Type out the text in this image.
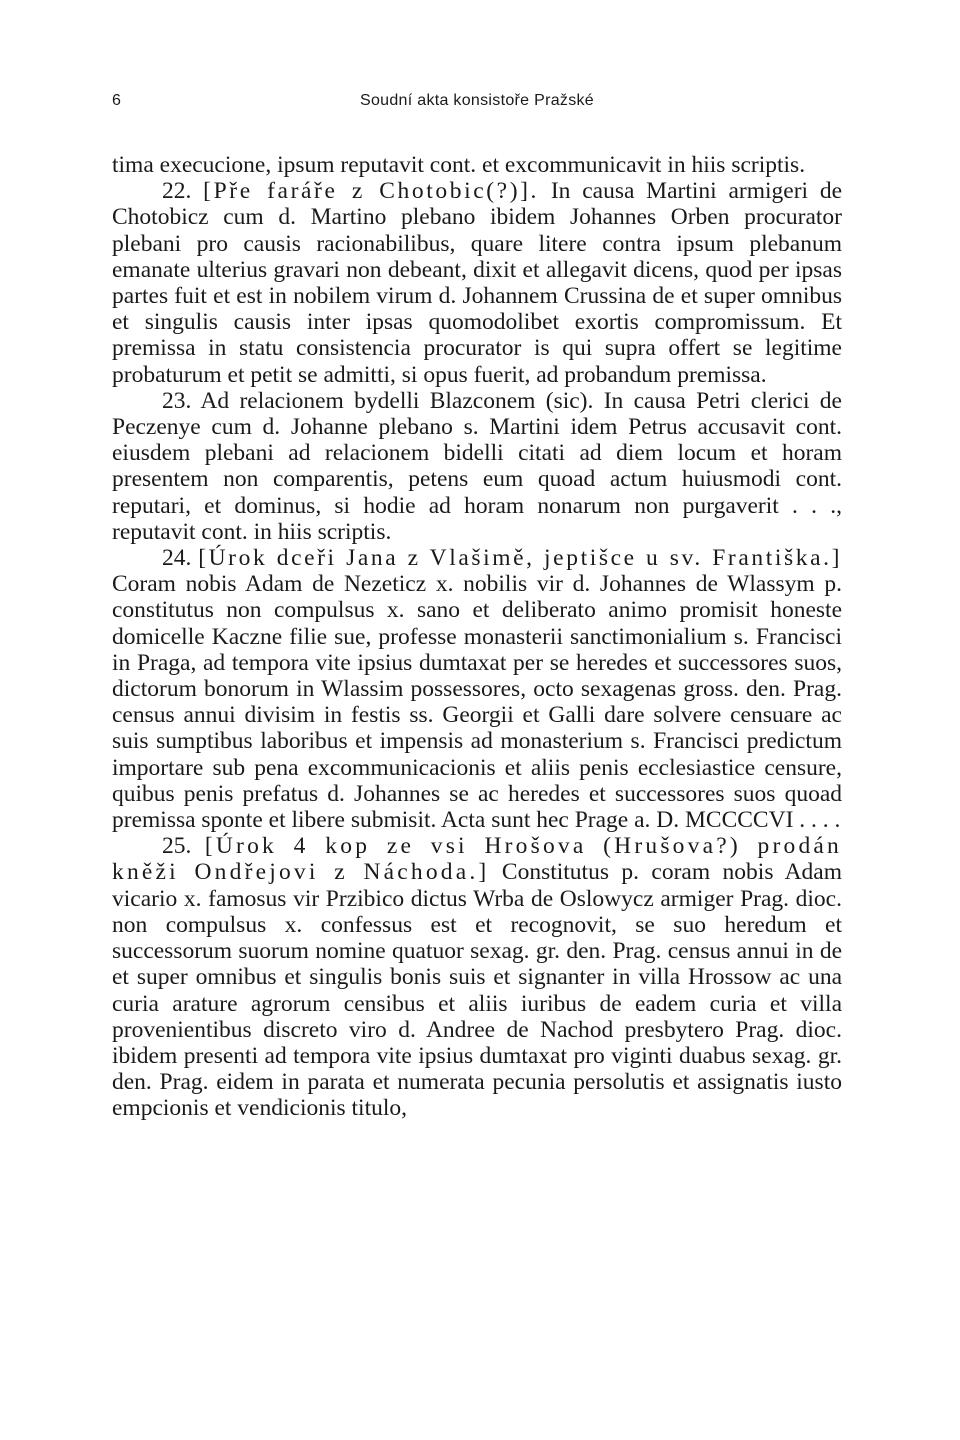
6	Soudní akta konsistoře Pražské

tima execucione, ipsum reputavit cont. et excommunicavit in hiis scriptis.

22. [Pře faráře z Chotobic(?)]. In causa Martini armigeri de Chotobicz cum d. Martino plebano ibidem Johannes Orben procurator plebani pro causis racionabilibus, quare litere contra ipsum plebanum emanate ulterius gravari non debeant, dixit et allegavit dicens, quod per ipsas partes fuit et est in nobilem virum d. Johannem Crussina de et super omnibus et singulis causis inter ipsas quomodolibet exortis compromissum. Et premissa in statu consistencia procurator is qui supra offert se legitime probaturum et petit se admitti, si opus fuerit, ad probandum premissa.

23. Ad relacionem bydelli Blazconem (sic). In causa Petri clerici de Peczenye cum d. Johanne plebano s. Martini idem Petrus accusavit cont. eiusdem plebani ad relacionem bidelli citati ad diem locum et horam presentem non comparentis, petens eum quoad actum huiusmodi cont. reputari, et dominus, si hodie ad horam nonarum non purgaverit . . ., reputavit cont. in hiis scriptis.

24. [Úrok dceři Jana z Vlašimě, jeptišce u sv. Františka.] Coram nobis Adam de Nezeticz x. nobilis vir d. Johannes de Wlassym p. constitutus non compulsus x. sano et deliberato animo promisit honeste domicelle Kaczne filie sue, professe monasterii sanctimonialium s. Francisci in Praga, ad tempora vite ipsius dumtaxat per se heredes et successores suos, dictorum bonorum in Wlassim possessores, octo sexagenas gross. den. Prag. census annui divisim in festis ss. Georgii et Galli dare solvere censuare ac suis sumptibus laboribus et impensis ad monasterium s. Francisci predictum importare sub pena excommunicacionis et aliis penis ecclesiastice censure, quibus penis prefatus d. Johannes se ac heredes et successores suos quoad premissa sponte et libere submisit. Acta sunt hec Prage a. D. MCCCCVI . . . .

25. [Úrok 4 kop ze vsi Hrošova (Hrušova?) prodán kněži Ondřejovi z Náchoda.] Constitutus p. coram nobis Adam vicario x. famosus vir Przibico dictus Wrba de Oslowycz armiger Prag. dioc. non compulsus x. confessus est et recognovit, se suo heredum et successorum suorum nomine quatuor sexag. gr. den. Prag. census annui in de et super omnibus et singulis bonis suis et signanter in villa Hrossow ac una curia arature agrorum censibus et aliis iuribus de eadem curia et villa provenientibus discreto viro d. Andree de Nachod presbytero Prag. dioc. ibidem presenti ad tempora vite ipsius dumtaxat pro viginti duabus sexag. gr. den. Prag. eidem in parata et numerata pecunia persolutis et assignatis iusto empcionis et vendicionis titulo,
